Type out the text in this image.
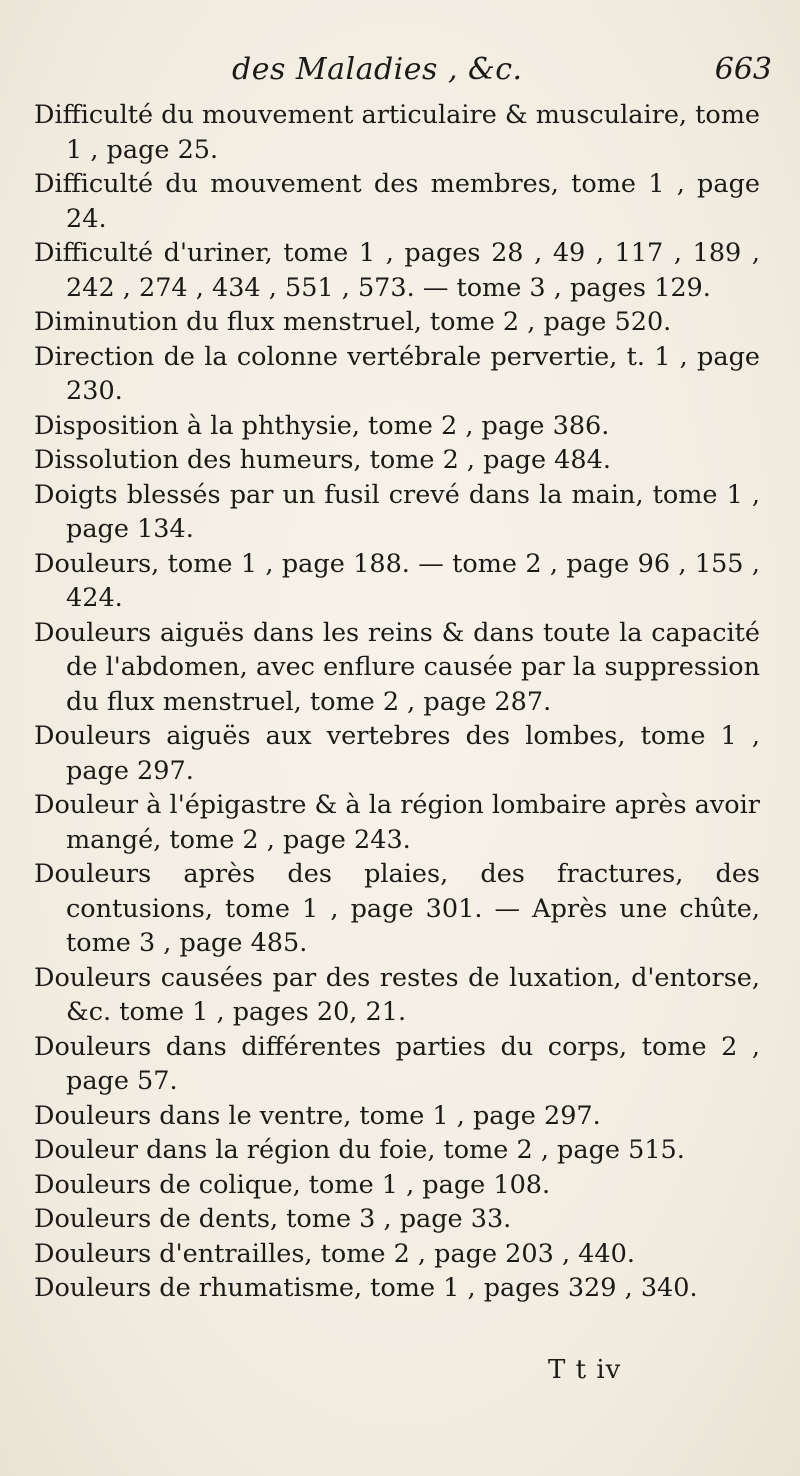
des Maladies , &c.	663

Difficulté du mouvement articulaire & musculaire, tome 1 , page 25.

Difficulté du mouvement des membres, tome 1 , page 24.

Difficulté d'uriner, tome 1 , pages 28 , 49 , 117 , 189 , 242 , 274 , 434 , 551 , 573. — tome 3 , pages 129.

Diminution du flux menstruel, tome 2 , page 520.

Direction de la colonne vertébrale pervertie, t. 1 , page 230.

Disposition à la phthysie, tome 2 , page 386.

Dissolution des humeurs, tome 2 , page 484.

Doigts blessés par un fusil crevé dans la main, tome 1 , page 134.

Douleurs, tome 1 , page 188. — tome 2 , page 96 , 155 , 424.

Douleurs aiguës dans les reins & dans toute la capacité de l'abdomen, avec enflure causée par la suppression du flux menstruel, tome 2 , page 287.

Douleurs aiguës aux vertebres des lombes, tome 1 , page 297.

Douleur à l'épigastre & à la région lombaire après avoir mangé, tome 2 , page 243.

Douleurs après des plaies, des fractures, des contusions, tome 1 , page 301. — Après une chûte, tome 3 , page 485.

Douleurs causées par des restes de luxation, d'entorse, &c. tome 1 , pages 20, 21.

Douleurs dans différentes parties du corps, tome 2 , page 57.

Douleurs dans le ventre, tome 1 , page 297.

Douleur dans la région du foie, tome 2 , page 515.

Douleurs de colique, tome 1 , page 108.

Douleurs de dents, tome 3 , page 33.

Douleurs d'entrailles, tome 2 , page 203 , 440.

Douleurs de rhumatisme, tome 1 , pages 329 , 340.

T t iv
